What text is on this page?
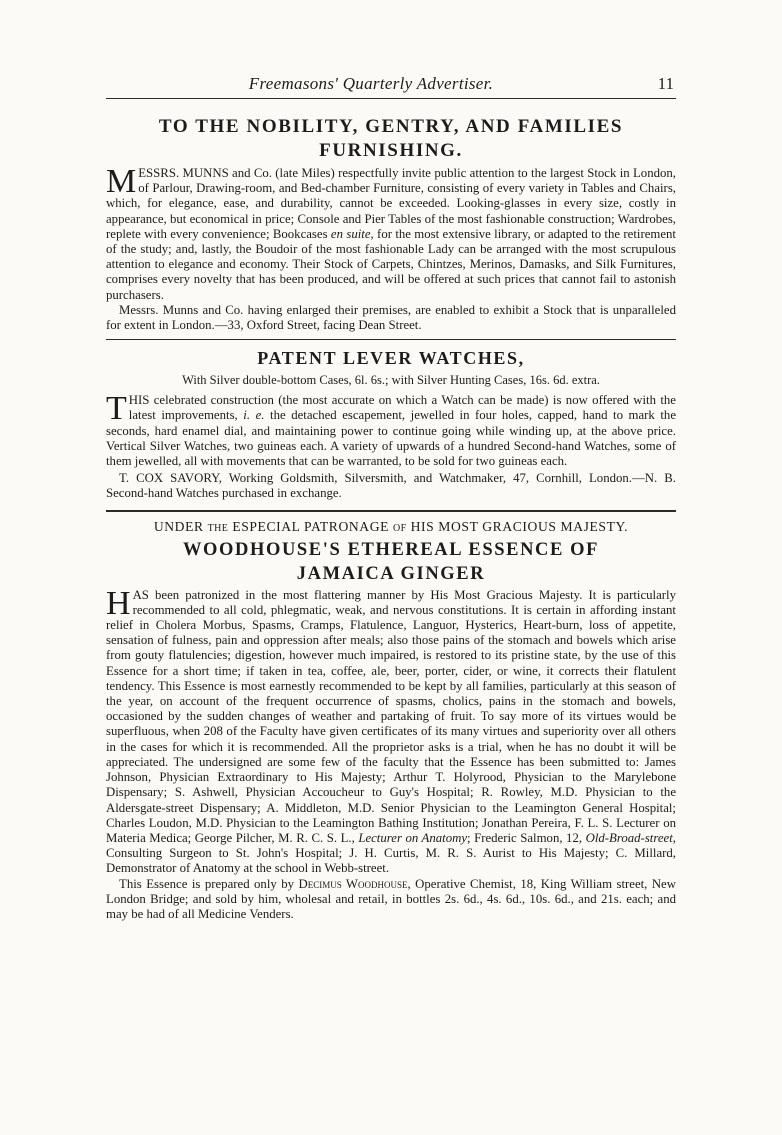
Freemasons' Quarterly Advertiser.	11
TO THE NOBILITY, GENTRY, AND FAMILIES
FURNISHING.

MESSRS. MUNNS and Co. (late Miles) respectfully invite public attention to the largest Stock in London, of Parlour, Drawing-room, and Bed-chamber Furniture, consisting of every variety in Tables and Chairs, which, for elegance, ease, and durability, cannot be exceeded. Looking-glasses in every size, costly in appearance, but economical in price; Console and Pier Tables of the most fashionable construction; Wardrobes, replete with every convenience; Bookcases en suite, for the most extensive library, or adapted to the retirement of the study; and, lastly, the Boudoir of the most fashionable Lady can be arranged with the most scrupulous attention to elegance and economy. Their Stock of Carpets, Chintzes, Merinos, Damasks, and Silk Furnitures, comprises every novelty that has been produced, and will be offered at such prices that cannot fail to astonish purchasers.

Messrs. Munns and Co. having enlarged their premises, are enabled to exhibit a Stock that is unparalleled for extent in London.—33, Oxford Street, facing Dean Street.

PATENT LEVER WATCHES,
With Silver double-bottom Cases, 6l. 6s.; with Silver Hunting Cases, 16s. 6d. extra.

THIS celebrated construction (the most accurate on which a Watch can be made) is now offered with the latest improvements, i. e. the detached escapement, jewelled in four holes, capped, hand to mark the seconds, hard enamel dial, and maintaining power to continue going while winding up, at the above price. Vertical Silver Watches, two guineas each. A variety of upwards of a hundred Second-hand Watches, some of them jewelled, all with movements that can be warranted, to be sold for two guineas each.

T. COX SAVORY, Working Goldsmith, Silversmith, and Watchmaker, 47, Cornhill, London.—N. B. Second-hand Watches purchased in exchange.

UNDER THE ESPECIAL PATRONAGE OF HIS MOST GRACIOUS MAJESTY.
WOODHOUSE'S ETHEREAL ESSENCE OF
JAMAICA GINGER

HAS been patronized in the most flattering manner by His Most Gracious Majesty. It is particularly recommended to all cold, phlegmatic, weak, and nervous constitutions. It is certain in affording instant relief in Cholera Morbus, Spasms, Cramps, Flatulence, Languor, Hysterics, Heart-burn, loss of appetite, sensation of fulness, pain and oppression after meals; also those pains of the stomach and bowels which arise from gouty flatulencies; digestion, however much impaired, is restored to its pristine state, by the use of this Essence for a short time; if taken in tea, coffee, ale, beer, porter, cider, or wine, it corrects their flatulent tendency. This Essence is most earnestly recommended to be kept by all families, particularly at this season of the year, on account of the frequent occurrence of spasms, cholics, pains in the stomach and bowels, occasioned by the sudden changes of weather and partaking of fruit. To say more of its virtues would be superfluous, when 208 of the Faculty have given certificates of its many virtues and superiority over all others in the cases for which it is recommended. All the proprietor asks is a trial, when he has no doubt it will be appreciated. The undersigned are some few of the faculty that the Essence has been submitted to: James Johnson, Physician Extraordinary to His Majesty; Arthur T. Holyrood, Physician to the Marylebone Dispensary; S. Ashwell, Physician Accoucheur to Guy's Hospital; R. Rowley, M.D. Physician to the Aldersgate-street Dispensary; A. Middleton, M.D. Senior Physician to the Leamington General Hospital; Charles Loudon, M.D. Physician to the Leamington Bathing Institution; Jonathan Pereira, F. L. S. Lecturer on Materia Medica; George Pilcher, M. R. C. S. L., Lecturer on Anatomy; Frederic Salmon, 12, Old-Broad-street, Consulting Surgeon to St. John's Hospital; J. H. Curtis, M. R. S. Aurist to His Majesty; C. Millard, Demonstrator of Anatomy at the school in Webb-street.

This Essence is prepared only by Decimus Woodhouse, Operative Chemist, 18, King William street, New London Bridge; and sold by him, wholesal and retail, in bottles 2s. 6d., 4s. 6d., 10s. 6d., and 21s. each; and may be had of all Medicine Venders.
